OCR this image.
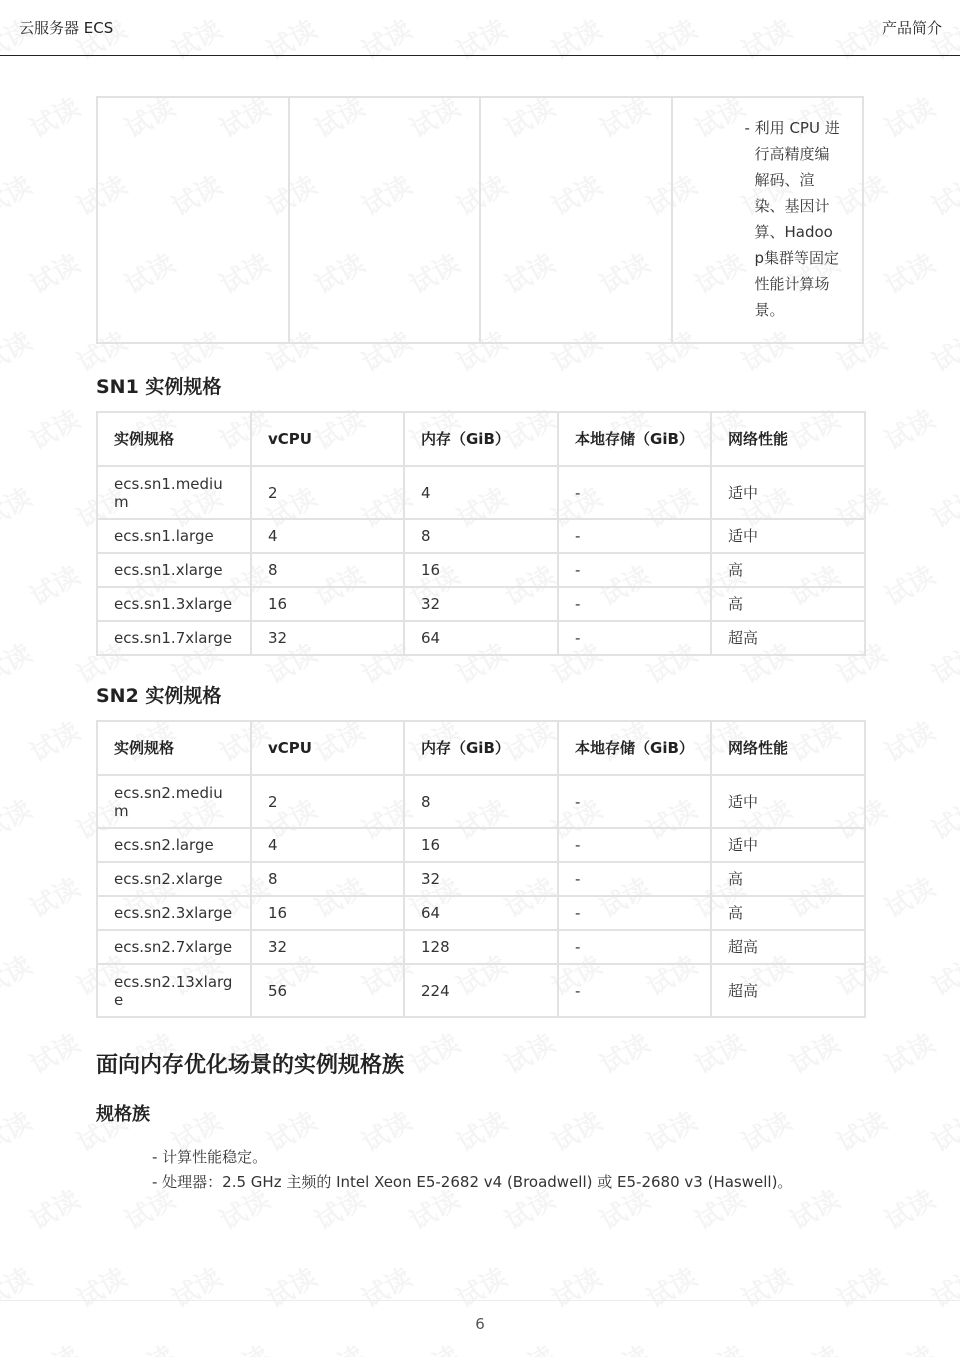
云服务器 ECS	产品简介

- 利用 CPU 进行高精度编解码、渲染、基因计算、Hadoop集群等固定性能计算场景。
SN1 实例规格
实例规格	vCPU	内存（GiB）	本地存储（GiB）	网络性能
ecs.sn1.medium	2	4	-	适中
ecs.sn1.large	4	8	-	适中
ecs.sn1.xlarge	8	16	-	高
ecs.sn1.3xlarge	16	32	-	高
ecs.sn1.7xlarge	32	64	-	超高
SN2 实例规格
实例规格	vCPU	内存（GiB）	本地存储（GiB）	网络性能
ecs.sn2.medium	2	8	-	适中
ecs.sn2.large	4	16	-	适中
ecs.sn2.xlarge	8	32	-	高
ecs.sn2.3xlarge	16	64	-	高
ecs.sn2.7xlarge	32	128	-	超高
ecs.sn2.13xlarge	56	224	-	超高
面向内存优化场景的实例规格族
规格族
- 计算性能稳定。
- 处理器：2.5 GHz 主频的 Intel Xeon E5-2682 v4 (Broadwell) 或 E5-2680 v3 (Haswell)。
6
